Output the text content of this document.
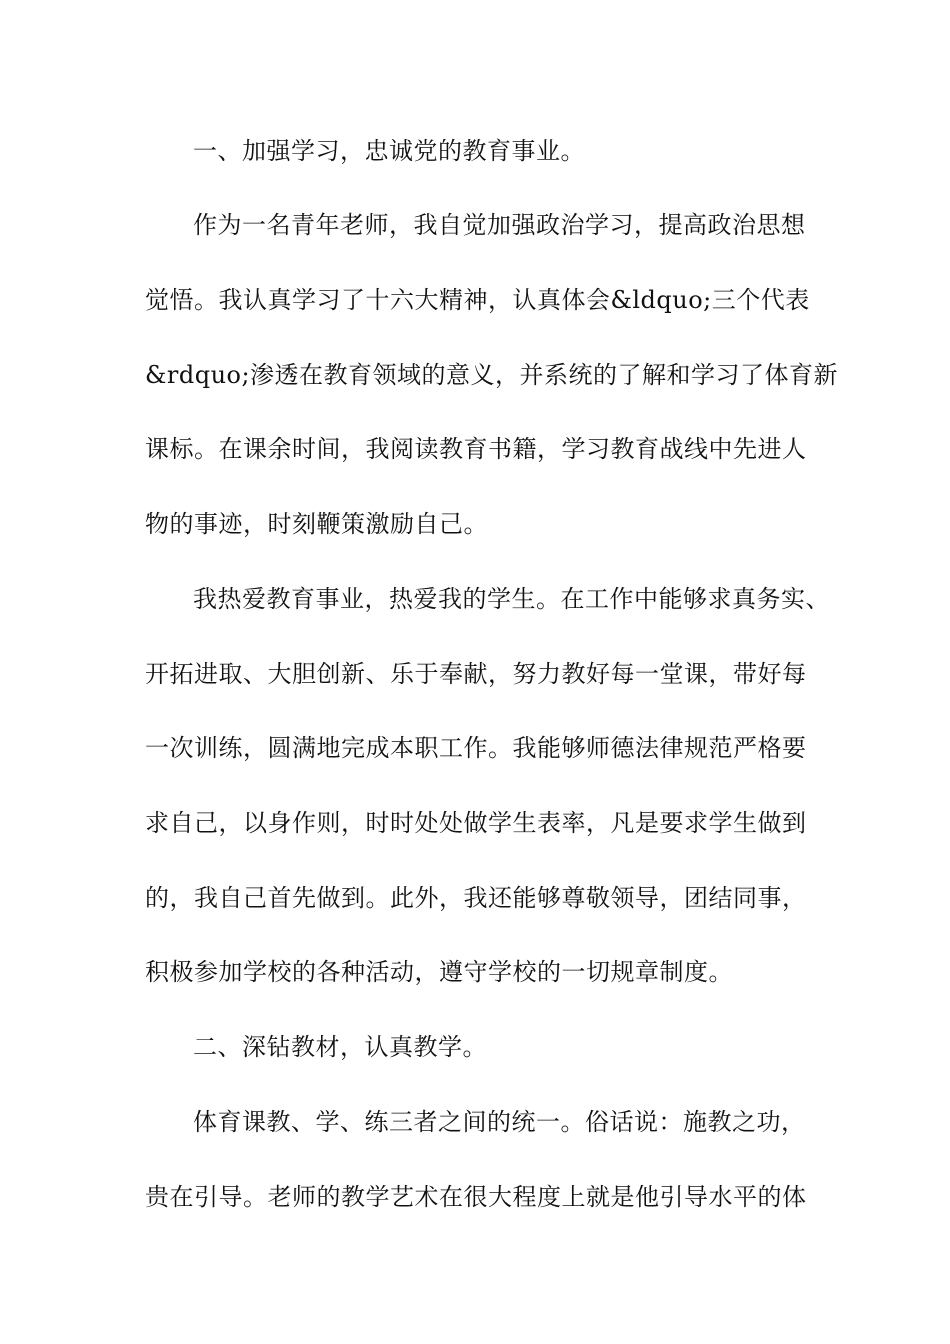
一、加强学习，忠诚党的教育事业。
作为一名青年老师，我自觉加强政治学习，提高政治思想
觉悟。我认真学习了十六大精神，认真体会&ldquo;三个代表
&rdquo;渗透在教育领域的意义，并系统的了解和学习了体育新
课标。在课余时间，我阅读教育书籍，学习教育战线中先进人
物的事迹，时刻鞭策激励自己。
我热爱教育事业，热爱我的学生。在工作中能够求真务实、
开拓进取、大胆创新、乐于奉献，努力教好每一堂课，带好每
一次训练，圆满地完成本职工作。我能够师德法律规范严格要
求自己，以身作则，时时处处做学生表率，凡是要求学生做到
的，我自己首先做到。此外，我还能够尊敬领导，团结同事，
积极参加学校的各种活动，遵守学校的一切规章制度。
二、深钻教材，认真教学。
体育课教、学、练三者之间的统一。俗话说：施教之功，
贵在引导。老师的教学艺术在很大程度上就是他引导水平的体
